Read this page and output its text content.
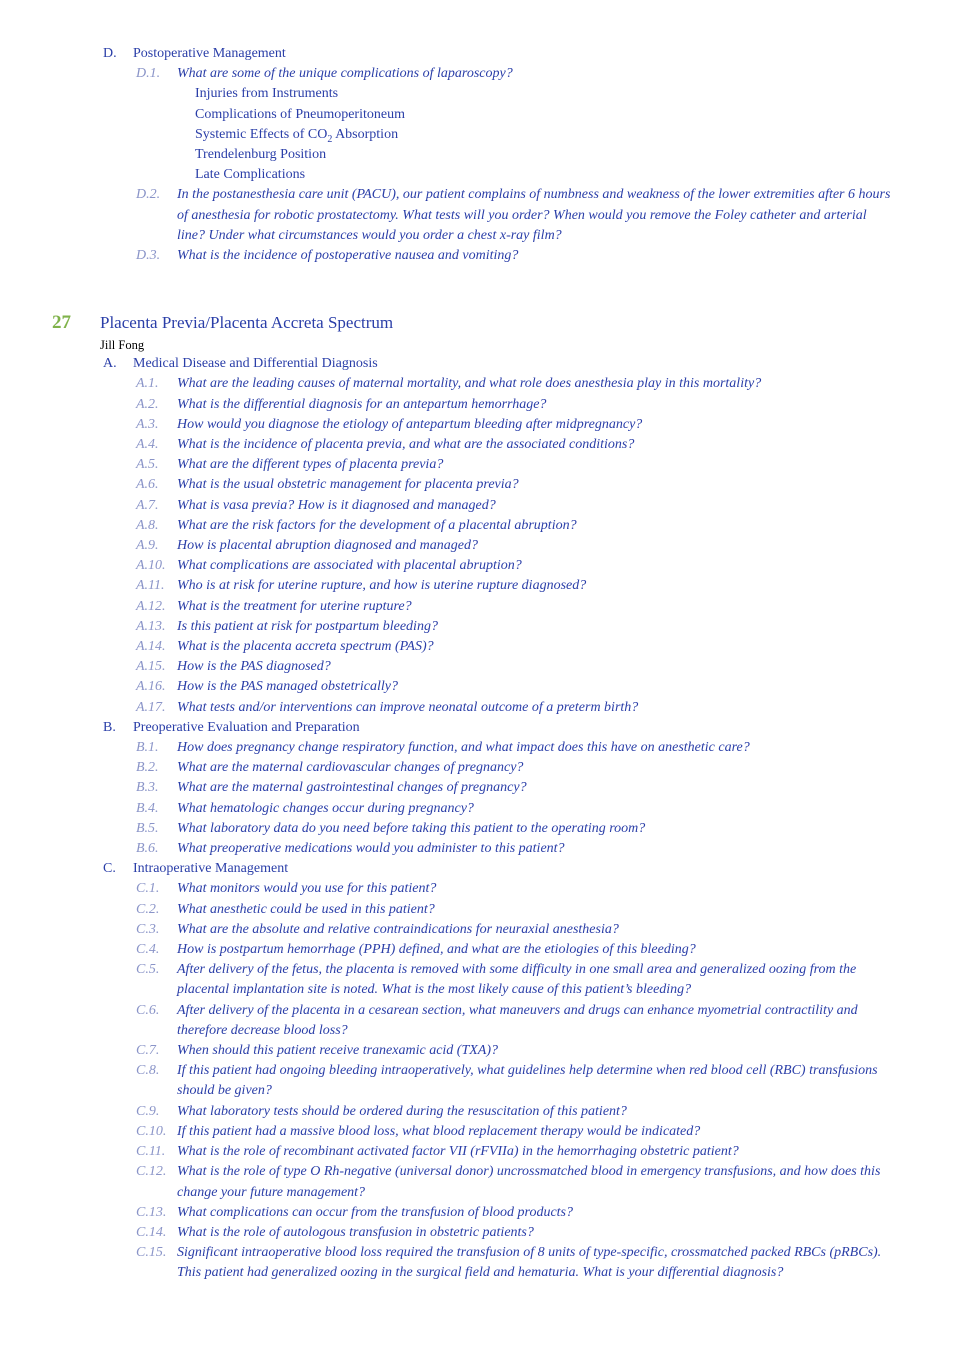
D. Postoperative Management
D.1. What are some of the unique complications of laparoscopy?
Injuries from Instruments
Complications of Pneumoperitoneum
Systemic Effects of $CO_2$ Absorption
Trendelenburg Position
Late Complications
D.2. In the postanesthesia care unit (PACU), our patient complains of numbness and weakness of the lower extremities after 6 hours of anesthesia for robotic prostatectomy. What tests will you order? When would you remove the Foley catheter and arterial line? Under what circumstances would you order a chest x-ray film?
D.3. What is the incidence of postoperative nausea and vomiting?
27 Placenta Previa/Placenta Accreta Spectrum
Jill Fong
A. Medical Disease and Differential Diagnosis
A.1. What are the leading causes of maternal mortality, and what role does anesthesia play in this mortality?
A.2. What is the differential diagnosis for an antepartum hemorrhage?
A.3. How would you diagnose the etiology of antepartum bleeding after midpregnancy?
A.4. What is the incidence of placenta previa, and what are the associated conditions?
A.5. What are the different types of placenta previa?
A.6. What is the usual obstetric management for placenta previa?
A.7. What is vasa previa? How is it diagnosed and managed?
A.8. What are the risk factors for the development of a placental abruption?
A.9. How is placental abruption diagnosed and managed?
A.10. What complications are associated with placental abruption?
A.11. Who is at risk for uterine rupture, and how is uterine rupture diagnosed?
A.12. What is the treatment for uterine rupture?
A.13. Is this patient at risk for postpartum bleeding?
A.14. What is the placenta accreta spectrum (PAS)?
A.15. How is the PAS diagnosed?
A.16. How is the PAS managed obstetrically?
A.17. What tests and/or interventions can improve neonatal outcome of a preterm birth?
B. Preoperative Evaluation and Preparation
B.1. How does pregnancy change respiratory function, and what impact does this have on anesthetic care?
B.2. What are the maternal cardiovascular changes of pregnancy?
B.3. What are the maternal gastrointestinal changes of pregnancy?
B.4. What hematologic changes occur during pregnancy?
B.5. What laboratory data do you need before taking this patient to the operating room?
B.6. What preoperative medications would you administer to this patient?
C. Intraoperative Management
C.1. What monitors would you use for this patient?
C.2. What anesthetic could be used in this patient?
C.3. What are the absolute and relative contraindications for neuraxial anesthesia?
C.4. How is postpartum hemorrhage (PPH) defined, and what are the etiologies of this bleeding?
C.5. After delivery of the fetus, the placenta is removed with some difficulty in one small area and generalized oozing from the placental implantation site is noted. What is the most likely cause of this patient’s bleeding?
C.6. After delivery of the placenta in a cesarean section, what maneuvers and drugs can enhance myometrial contractility and therefore decrease blood loss?
C.7. When should this patient receive tranexamic acid (TXA)?
C.8. If this patient had ongoing bleeding intraoperatively, what guidelines help determine when red blood cell (RBC) transfusions should be given?
C.9. What laboratory tests should be ordered during the resuscitation of this patient?
C.10. If this patient had a massive blood loss, what blood replacement therapy would be indicated?
C.11. What is the role of recombinant activated factor VII (rFVIIa) in the hemorrhaging obstetric patient?
C.12. What is the role of type O Rh-negative (universal donor) uncrossmatched blood in emergency transfusions, and how does this change your future management?
C.13. What complications can occur from the transfusion of blood products?
C.14. What is the role of autologous transfusion in obstetric patients?
C.15. Significant intraoperative blood loss required the transfusion of 8 units of type-specific, crossmatched packed RBCs (pRBCs). This patient had generalized oozing in the surgical field and hematuria. What is your differential diagnosis?
